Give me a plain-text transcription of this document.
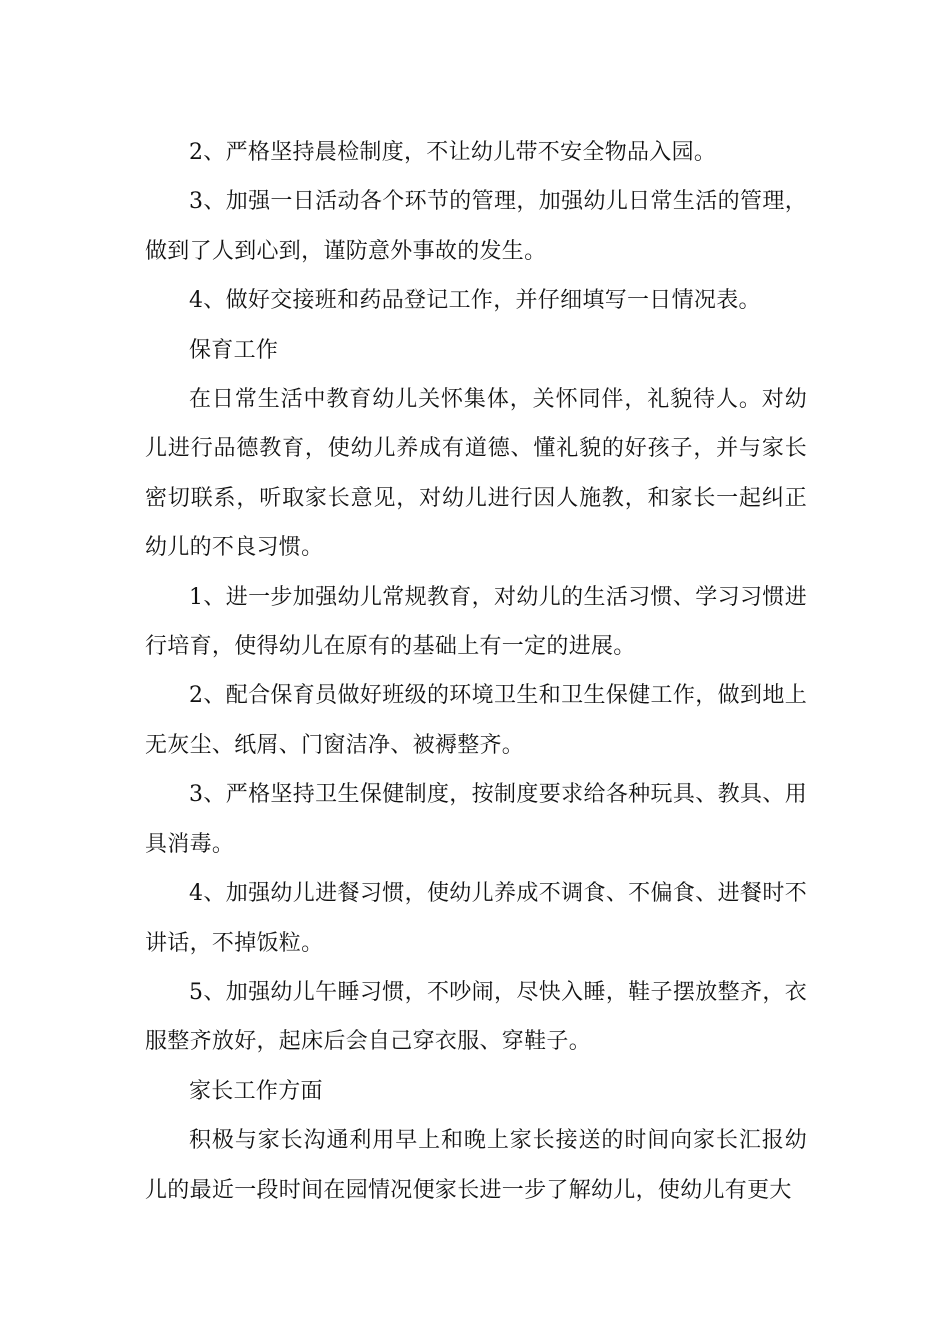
2、严格坚持晨检制度，不让幼儿带不安全物品入园。

3、加强一日活动各个环节的管理，加强幼儿日常生活的管理，做到了人到心到，谨防意外事故的发生。

4、做好交接班和药品登记工作，并仔细填写一日情况表。

保育工作

在日常生活中教育幼儿关怀集体，关怀同伴，礼貌待人。对幼儿进行品德教育，使幼儿养成有道德、懂礼貌的好孩子，并与家长密切联系，听取家长意见，对幼儿进行因人施教，和家长一起纠正幼儿的不良习惯。

1、进一步加强幼儿常规教育，对幼儿的生活习惯、学习习惯进行培育，使得幼儿在原有的基础上有一定的进展。

2、配合保育员做好班级的环境卫生和卫生保健工作，做到地上无灰尘、纸屑、门窗洁净、被褥整齐。

3、严格坚持卫生保健制度，按制度要求给各种玩具、教具、用具消毒。

4、加强幼儿进餐习惯，使幼儿养成不调食、不偏食、进餐时不讲话，不掉饭粒。

5、加强幼儿午睡习惯，不吵闹，尽快入睡，鞋子摆放整齐，衣服整齐放好，起床后会自己穿衣服、穿鞋子。

家长工作方面

积极与家长沟通利用早上和晚上家长接送的时间向家长汇报幼儿的最近一段时间在园情况便家长进一步了解幼儿，使幼儿有更大
